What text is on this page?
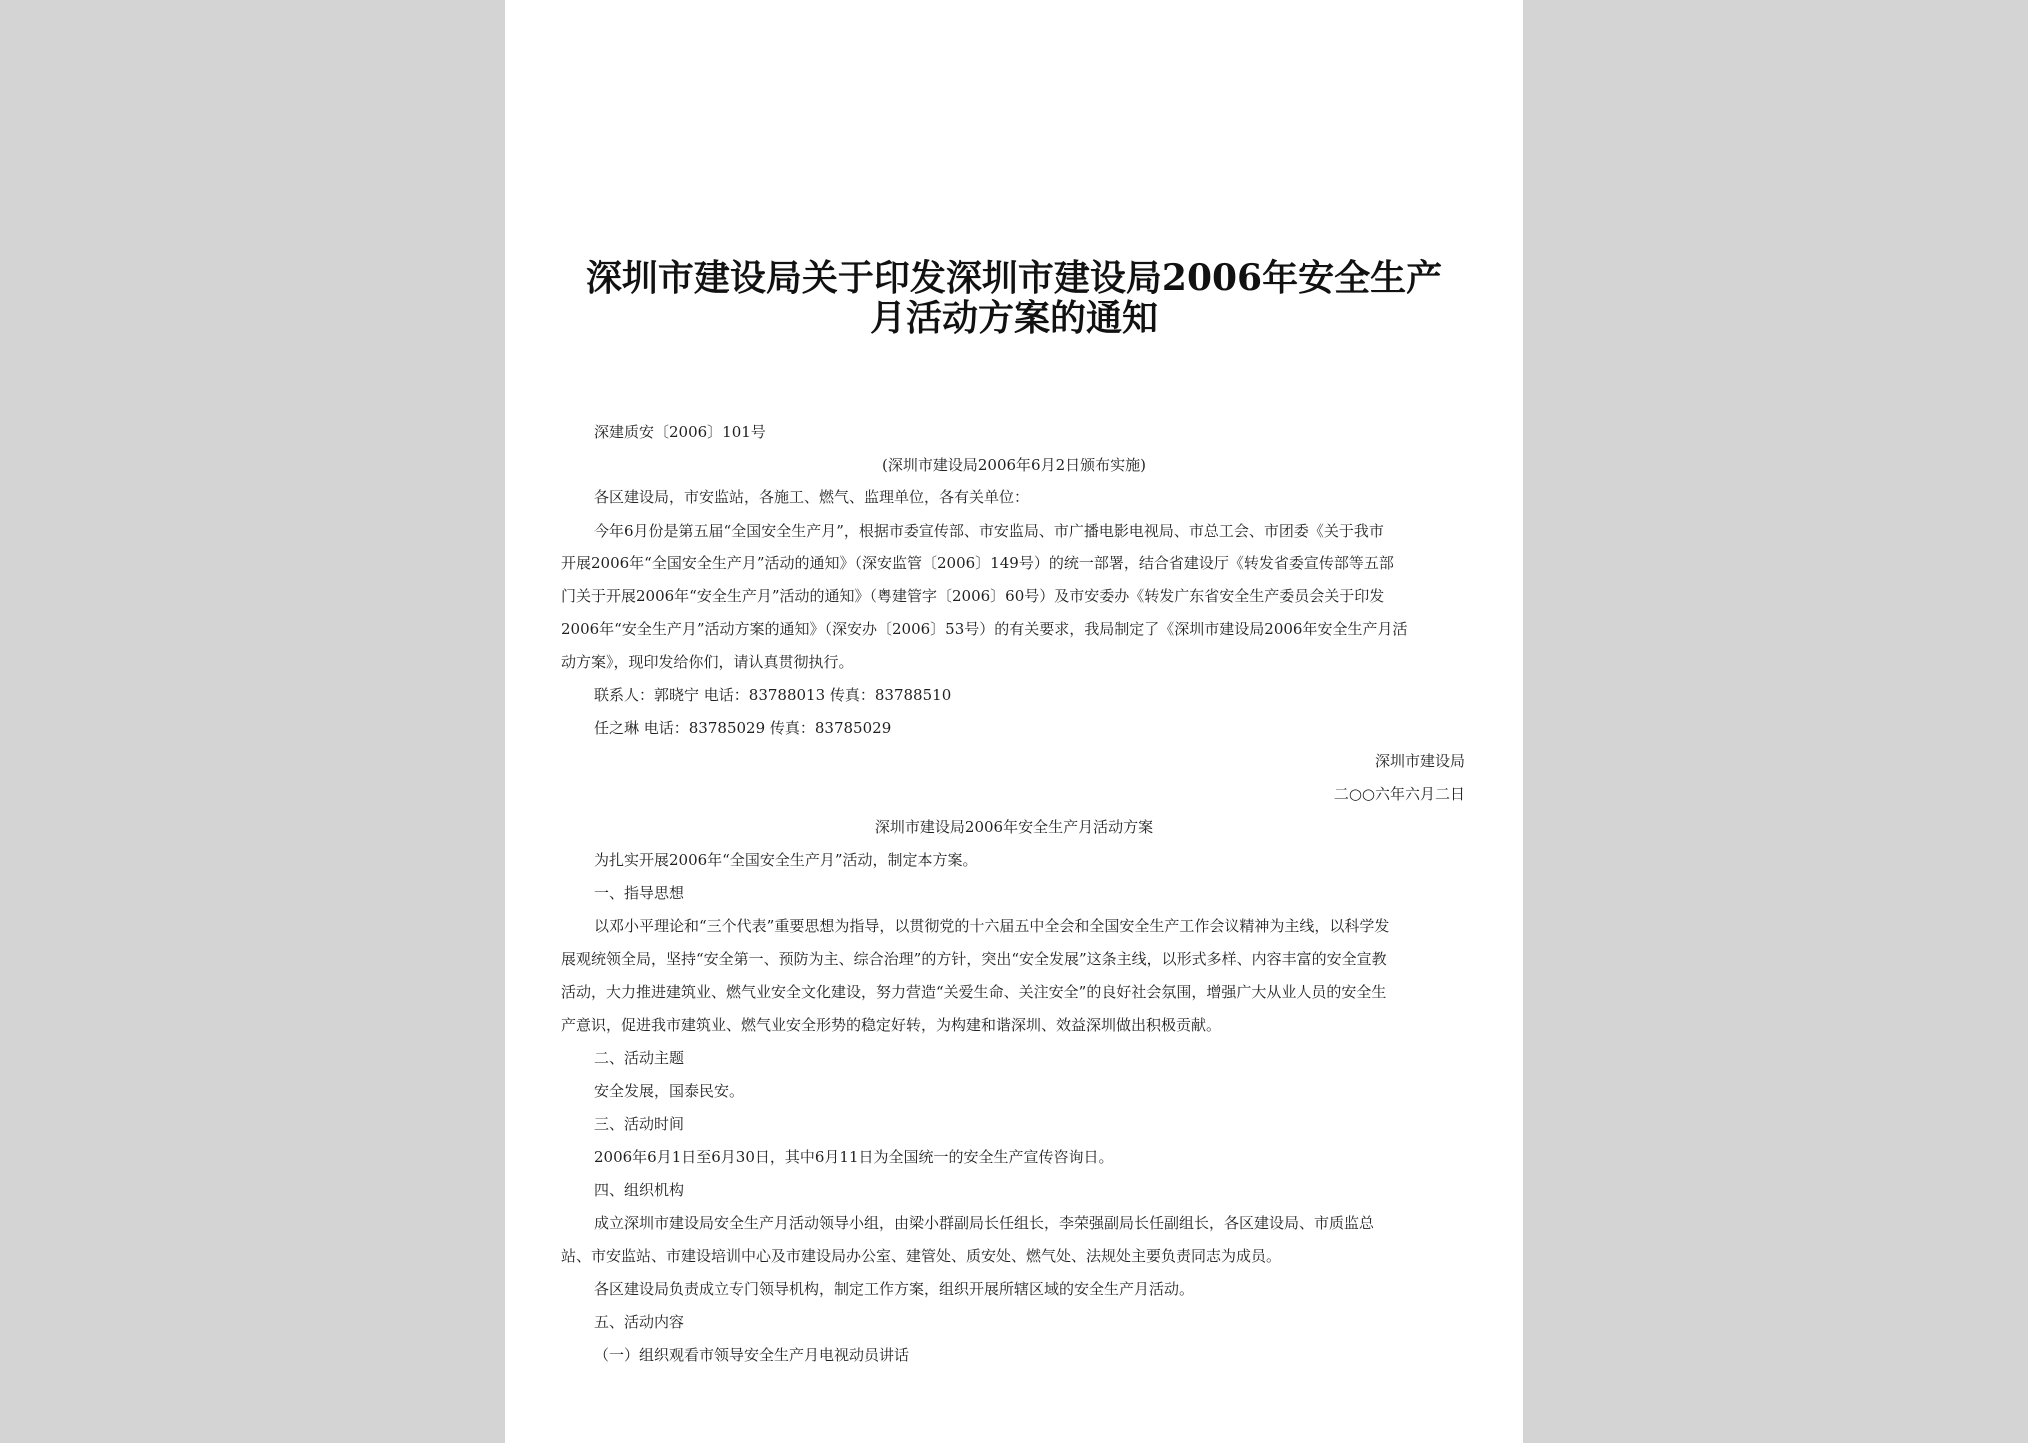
深圳市建设局关于印发深圳市建设局2006年安全生产
月活动方案的通知
深建质安〔2006〕101号
(深圳市建设局2006年6月2日颁布实施)
各区建设局，市安监站，各施工、燃气、监理单位，各有关单位：
今年6月份是第五届“全国安全生产月”，根据市委宣传部、市安监局、市广播电影电视局、市总工会、市团委《关于我市
开展2006年“全国安全生产月”活动的通知》（深安监管〔2006〕149号）的统一部署，结合省建设厅《转发省委宣传部等五部
门关于开展2006年“安全生产月”活动的通知》（粤建管字〔2006〕60号）及市安委办《转发广东省安全生产委员会关于印发
2006年“安全生产月”活动方案的通知》（深安办〔2006〕53号）的有关要求，我局制定了《深圳市建设局2006年安全生产月活
动方案》，现印发给你们，请认真贯彻执行。
联系人：郭晓宁 电话：83788013 传真：83788510
任之琳 电话：83785029 传真：83785029
深圳市建设局
二○○六年六月二日
深圳市建设局2006年安全生产月活动方案
为扎实开展2006年“全国安全生产月”活动，制定本方案。
一、指导思想
以邓小平理论和“三个代表”重要思想为指导，以贯彻党的十六届五中全会和全国安全生产工作会议精神为主线，以科学发
展观统领全局，坚持“安全第一、预防为主、综合治理”的方针，突出“安全发展”这条主线，以形式多样、内容丰富的安全宣教
活动，大力推进建筑业、燃气业安全文化建设，努力营造“关爱生命、关注安全”的良好社会氛围，增强广大从业人员的安全生
产意识，促进我市建筑业、燃气业安全形势的稳定好转，为构建和谐深圳、效益深圳做出积极贡献。
二、活动主题
安全发展，国泰民安。
三、活动时间
2006年6月1日至6月30日，其中6月11日为全国统一的安全生产宣传咨询日。
四、组织机构
成立深圳市建设局安全生产月活动领导小组，由梁小群副局长任组长，李荣强副局长任副组长，各区建设局、市质监总
站、市安监站、市建设培训中心及市建设局办公室、建管处、质安处、燃气处、法规处主要负责同志为成员。
各区建设局负责成立专门领导机构，制定工作方案，组织开展所辖区域的安全生产月活动。
五、活动内容
（一）组织观看市领导安全生产月电视动员讲话
